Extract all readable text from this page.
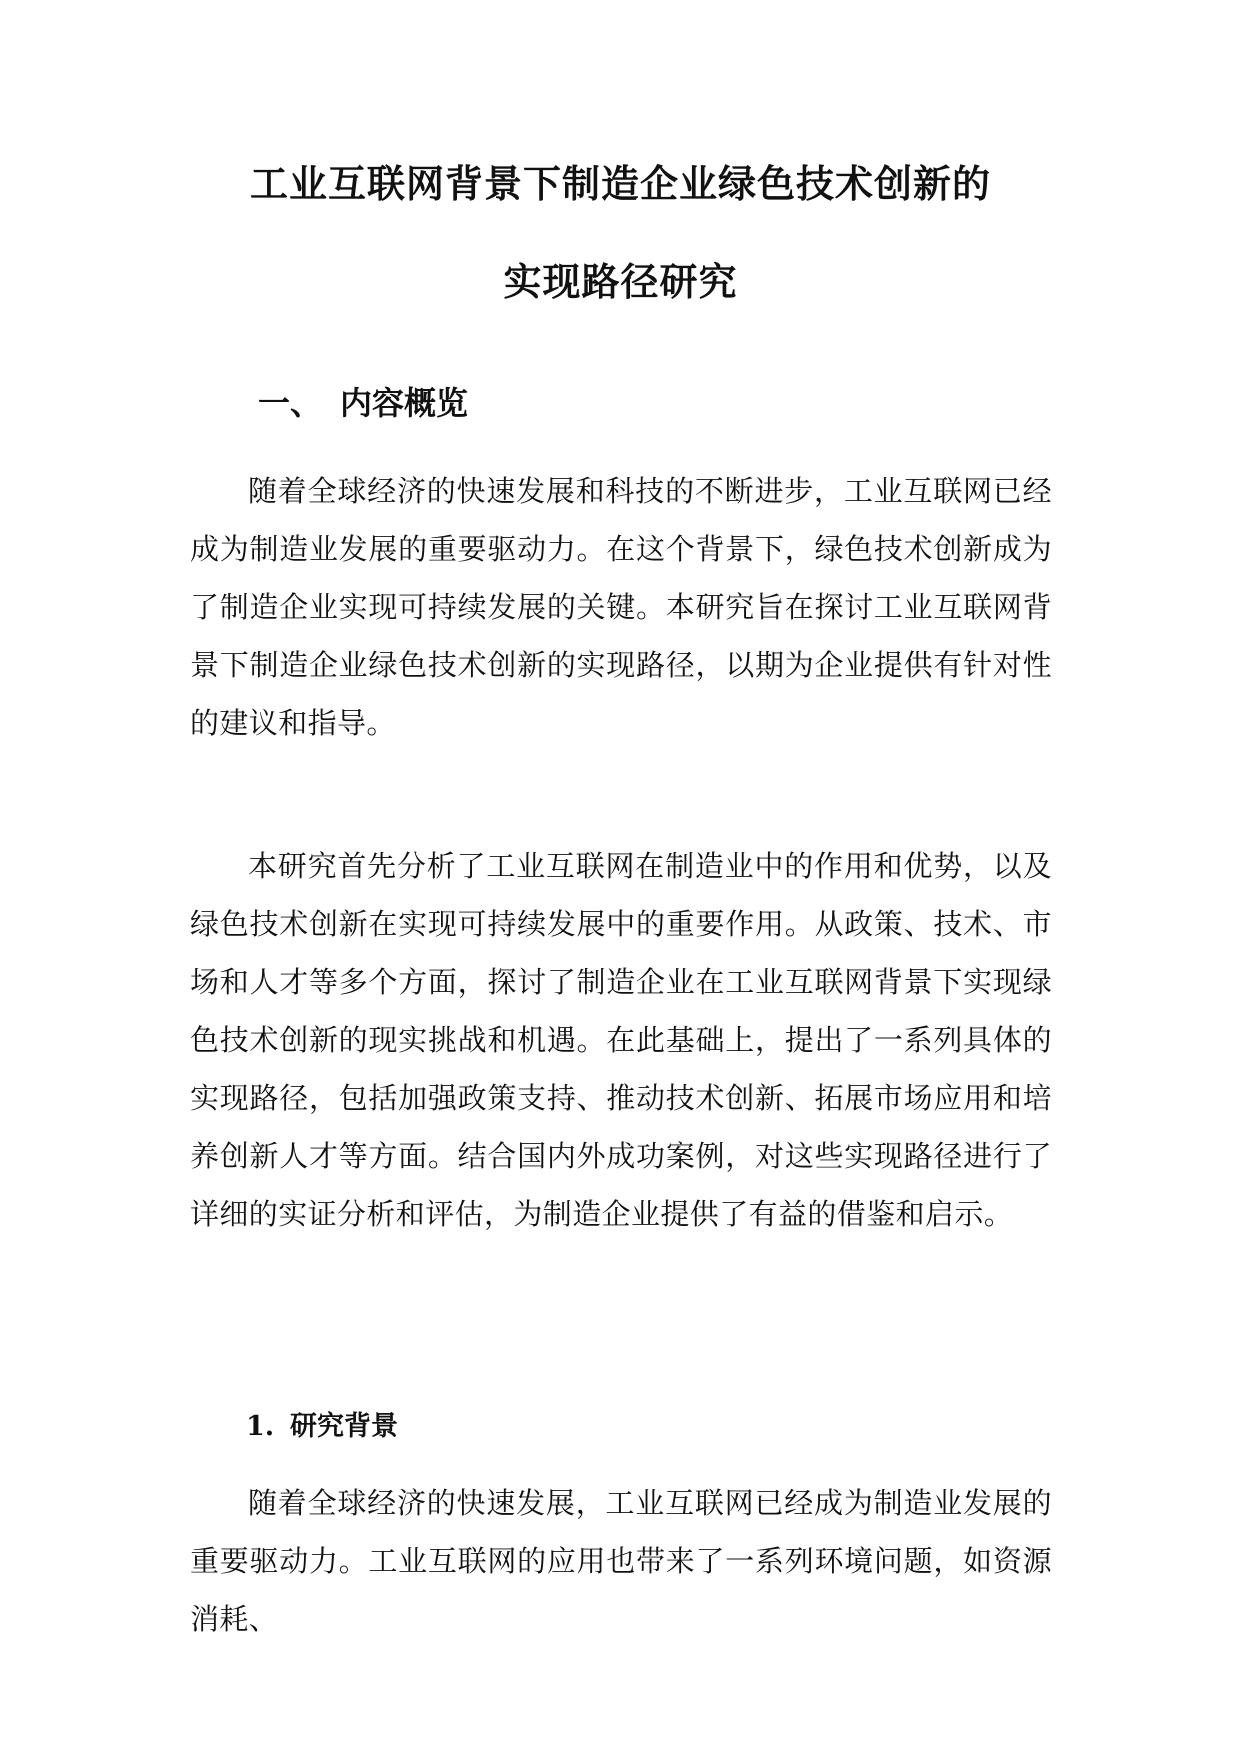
工业互联网背景下制造企业绿色技术创新的
实现路径研究
一、 内容概览

随着全球经济的快速发展和科技的不断进步，工业互联网已经成为制造业发展的重要驱动力。在这个背景下，绿色技术创新成为了制造企业实现可持续发展的关键。本研究旨在探讨工业互联网背景下制造企业绿色技术创新的实现路径，以期为企业提供有针对性的建议和指导。

本研究首先分析了工业互联网在制造业中的作用和优势，以及绿色技术创新在实现可持续发展中的重要作用。从政策、技术、市场和人才等多个方面，探讨了制造企业在工业互联网背景下实现绿色技术创新的现实挑战和机遇。在此基础上，提出了一系列具体的实现路径，包括加强政策支持、推动技术创新、拓展市场应用和培养创新人才等方面。结合国内外成功案例，对这些实现路径进行了详细的实证分析和评估，为制造企业提供了有益的借鉴和启示。

1. 研究背景

随着全球经济的快速发展，工业互联网已经成为制造业发展的重要驱动力。工业互联网的应用也带来了一系列环境问题，如资源消耗、
